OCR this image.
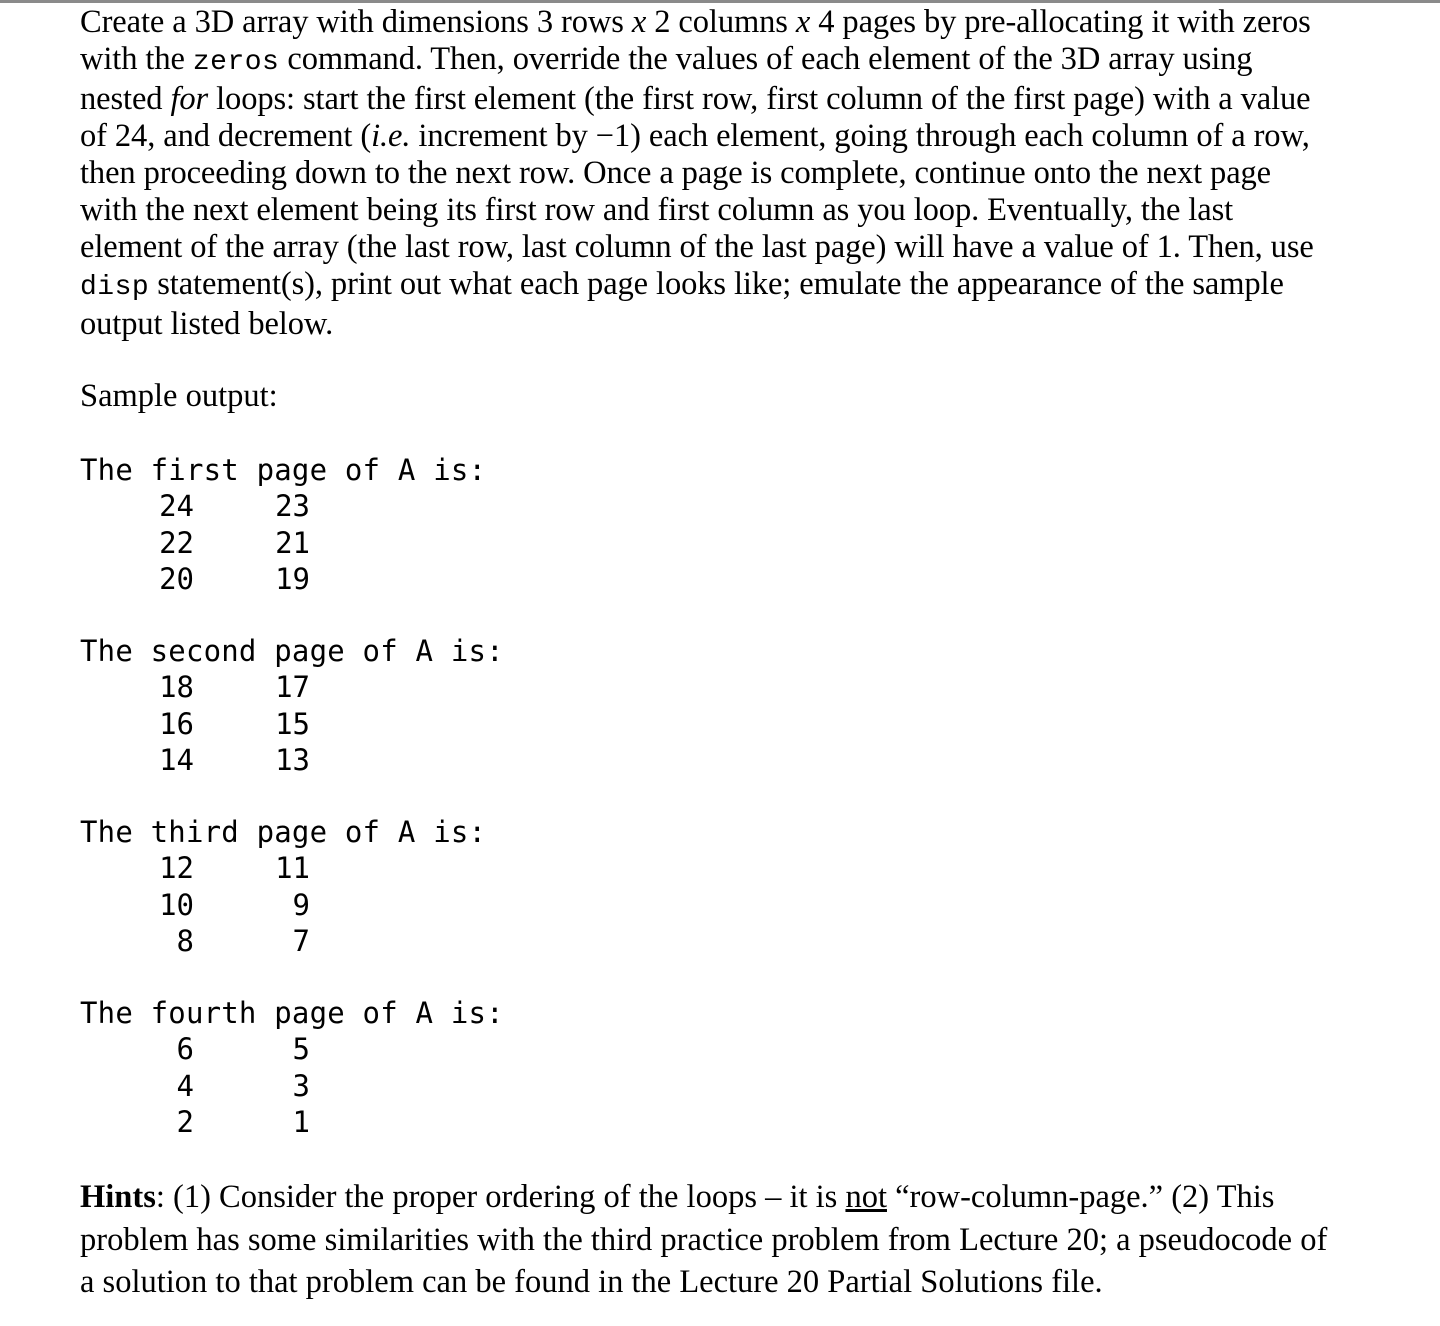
Create a 3D array with dimensions 3 rows x 2 columns x 4 pages by pre-allocating it with zeros
with the zeros command. Then, override the values of each element of the 3D array using
nested for loops: start the first element (the first row, first column of the first page) with a value
of 24, and decrement (i.e. increment by −1) each element, going through each column of a row,
then proceeding down to the next row. Once a page is complete, continue onto the next page
with the next element being its first row and first column as you loop. Eventually, the last
element of the array (the last row, last column of the last page) will have a value of 1. Then, use
disp statement(s), print out what each page looks like; emulate the appearance of the sample
output listed below.
Sample output:
The first page of A is:
24	23
22	21
20	19
The second page of A is:
18	17
16	15
14	13
The third page of A is:
12	11
10	9
8	7
The fourth page of A is:
6	5
4	3
2	1
Hints: (1) Consider the proper ordering of the loops – it is not “row-column-page.” (2) This
problem has some similarities with the third practice problem from Lecture 20; a pseudocode of
a solution to that problem can be found in the Lecture 20 Partial Solutions file.
